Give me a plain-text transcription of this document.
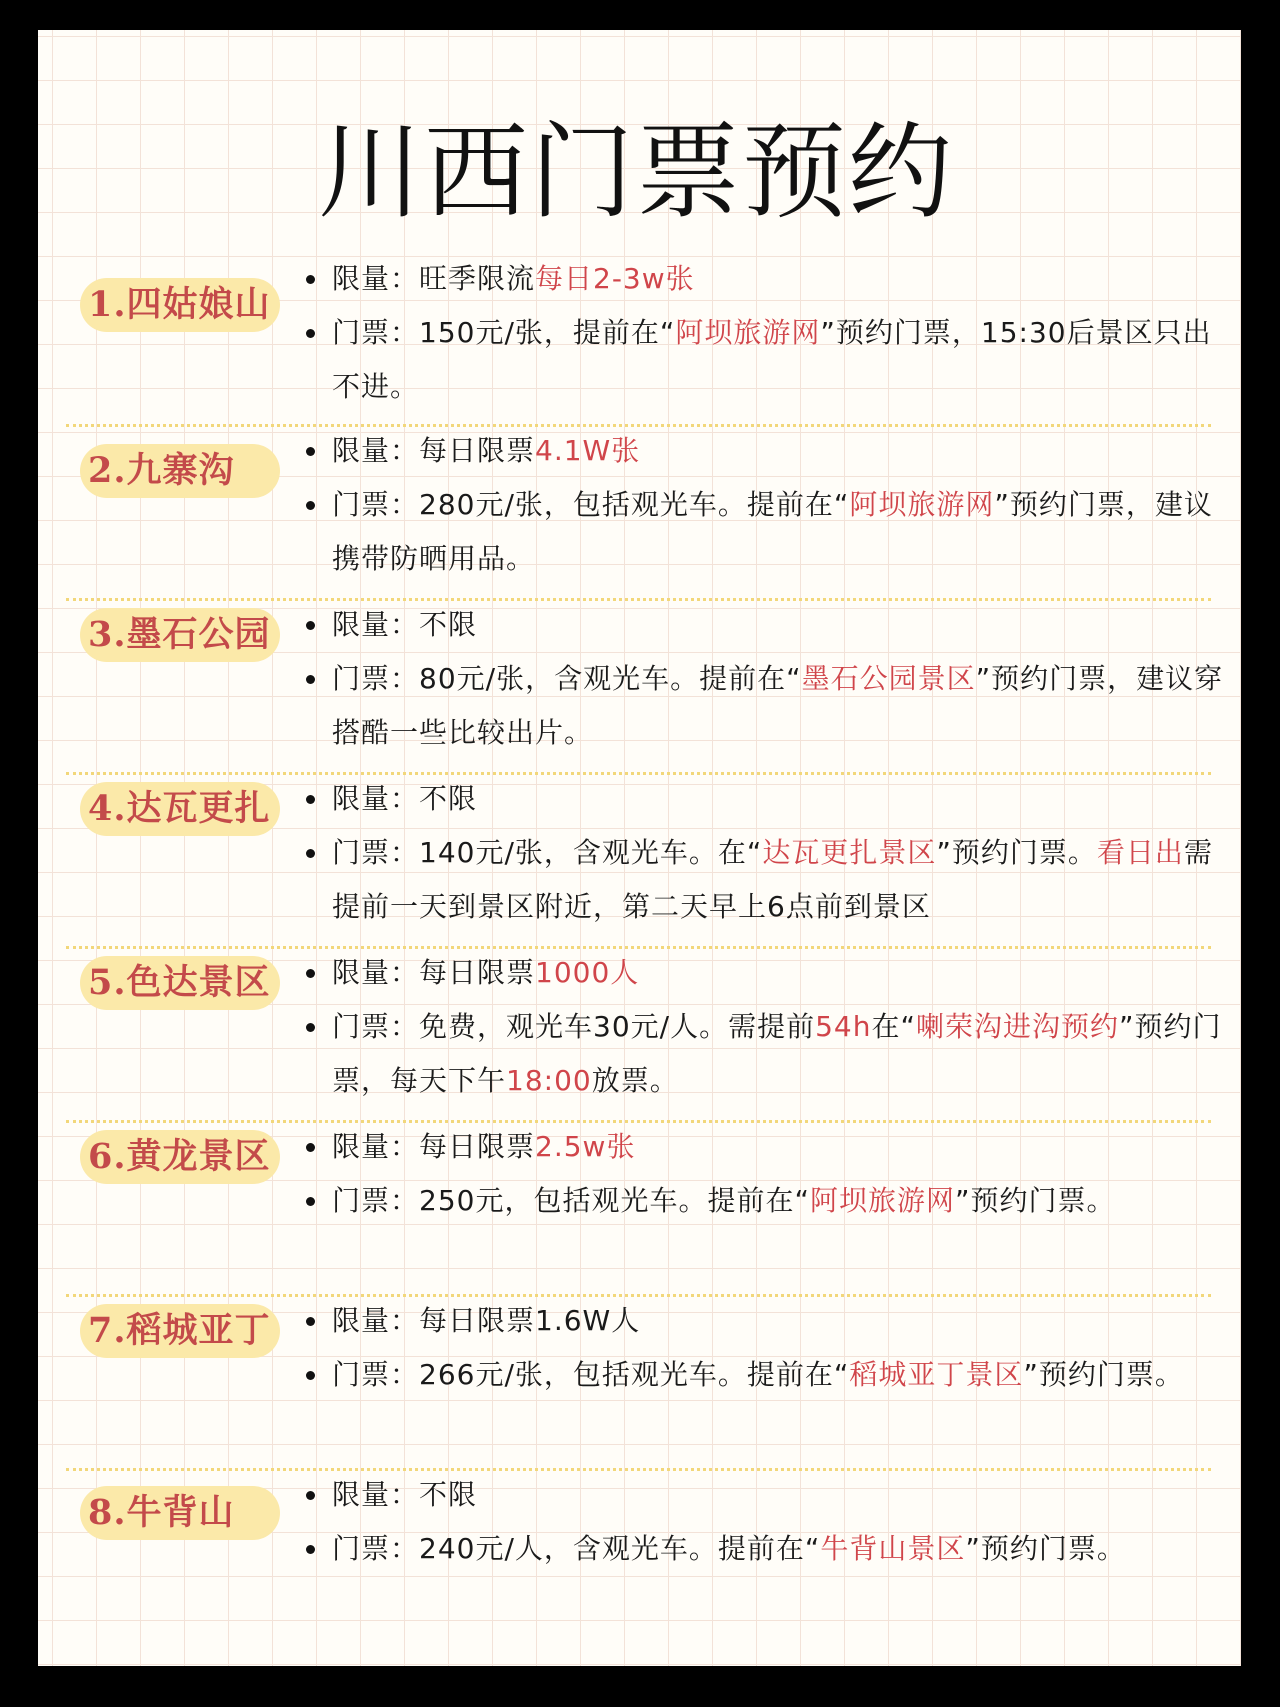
川西门票预约
1.四姑娘山
限量：旺季限流每日2-3w张
门票：150元/张，提前在“阿坝旅游网”预约门票，15:30后景区只出不进。
2.九寨沟	限量：每日限票4.1W张
门票：280元/张，包括观光车。提前在“阿坝旅游网”预约门票，建议携带防晒用品。
3.墨石公园	限量：不限
门票：80元/张，含观光车。提前在“墨石公园景区”预约门票，建议穿搭酷一些比较出片。
4.达瓦更扎	限量：不限
门票：140元/张，含观光车。在“达瓦更扎景区”预约门票。看日出需提前一天到景区附近，第二天早上6点前到景区
5.色达景区	限量：每日限票1000人
门票：免费，观光车30元/人。需提前54h在“喇荣沟进沟预约”预约门票，每天下午18:00放票。
6.黄龙景区	限量：每日限票2.5w张
门票：250元，包括观光车。提前在“阿坝旅游网”预约门票。
7.稻城亚丁	限量：每日限票1.6W人
门票：266元/张，包括观光车。提前在“稻城亚丁景区”预约门票。
8.牛背山	限量：不限
门票：240元/人，含观光车。提前在“牛背山景区”预约门票。
